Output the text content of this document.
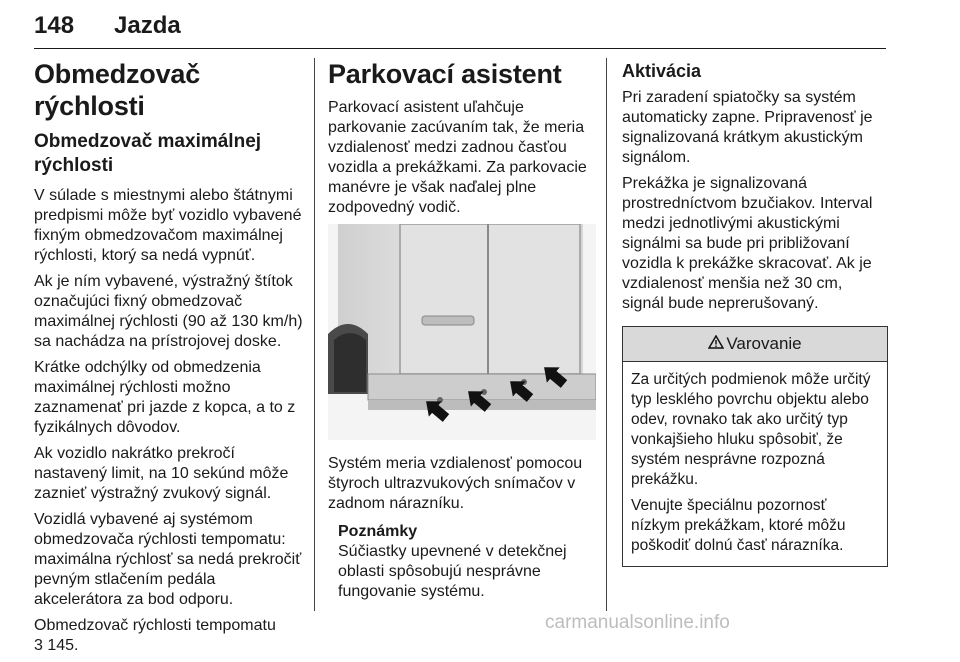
148 Jazda
Obmedzovač rýchlosti
Obmedzovač maximálnej rýchlosti

V súlade s miestnymi alebo štátnymi predpismi môže byť vozidlo vybavené fixným obmedzovačom maximálnej rýchlosti, ktorý sa nedá vypnúť.

Ak je ním vybavené, výstražný štítok označujúci fixný obmedzovač maximálnej rýchlosti (90 až 130 km/h) sa nachádza na prístrojovej doske.

Krátke odchýlky od obmedzenia maximálnej rýchlosti možno zaznamenať pri jazde z kopca, a to z fyzikálnych dôvodov.

Ak vozidlo nakrátko prekročí nastavený limit, na 10 sekúnd môže zaznieť výstražný zvukový signál.

Vozidlá vybavené aj systémom obmedzovača rýchlosti tempomatu: maximálna rýchlosť sa nedá prekročiť pevným stlačením pedála akcelerátora za bod odporu.

Obmedzovač rýchlosti tempomatu
3 145.

Parkovací asistent

Parkovací asistent uľahčuje parkovanie zacúvaním tak, že meria vzdialenosť medzi zadnou časťou vozidla a prekážkami. Za parkovacie manévre je však naďalej plne zodpovedný vodič.

Systém meria vzdialenosť pomocou štyroch ultrazvukových snímačov v zadnom nárazníku.

Poznámky

Súčiastky upevnené v detekčnej oblasti spôsobujú nesprávne fungovanie systému.

Aktivácia

Pri zaradení spiatočky sa systém automaticky zapne. Pripravenosť je signalizovaná krátkym akustickým signálom.

Prekážka je signalizovaná prostredníctvom bzučiakov. Interval medzi jednotlivými akustickými signálmi sa bude pri približovaní vozidla k prekážke skracovať. Ak je vzdialenosť menšia než 30 cm, signál bude neprerušovaný.

Varovanie

Za určitých podmienok môže určitý typ lesklého povrchu objektu alebo odev, rovnako tak ako určitý typ vonkajšieho hluku spôsobiť, že systém nesprávne rozpozná prekážku.

Venujte špeciálnu pozornosť nízkym prekážkam, ktoré môžu poškodiť dolnú časť nárazníka.

carmanualsonline.info
